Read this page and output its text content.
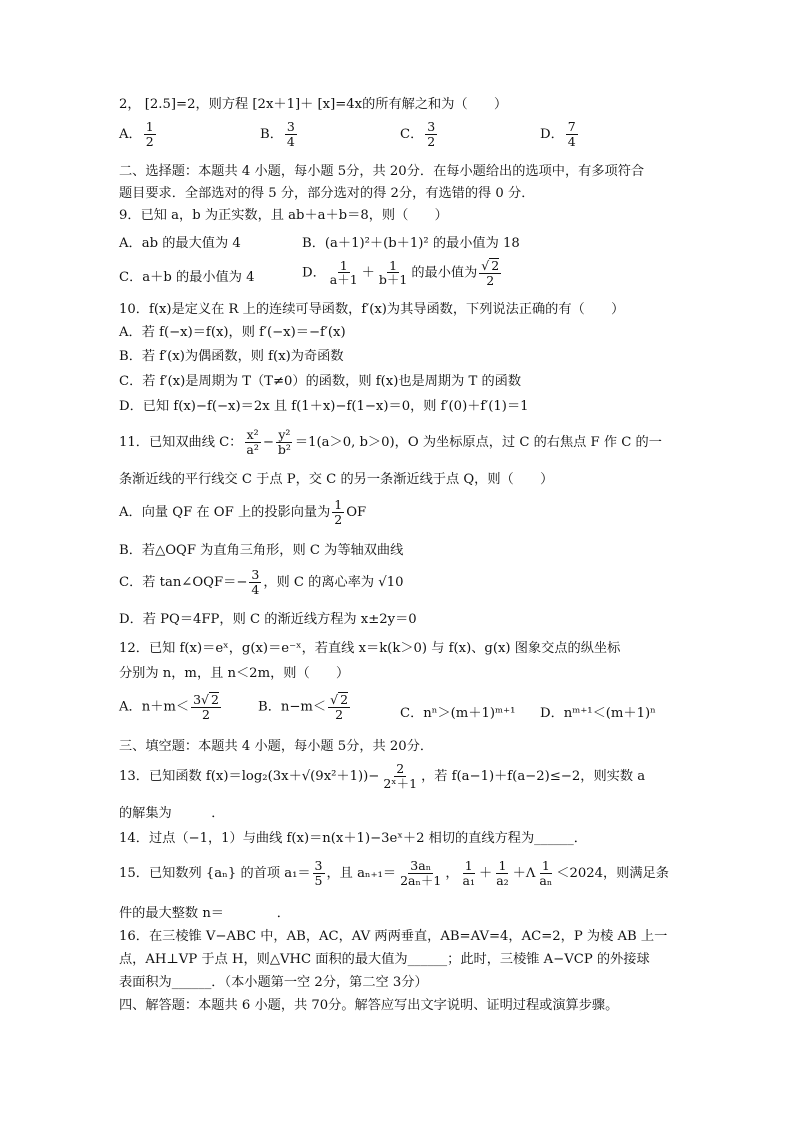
2， [2.5]=2，则方程 [2x＋1]＋ [x]=4x的所有解之和为（　　）
A． $\frac{1}{2}$	B． $\frac{3}{4}$	C． $\frac{3}{2}$	D． $\frac{7}{4}$
二、选择题：本题共 4 小题，每小题 5分，共 20分．在每小题给出的选项中，有多项符合
题目要求．全部选对的得 5 分，部分选对的得 2分，有选错的得 0 分．
9．已知 a，b 为正实数，且 ab＋a＋b＝8，则（　　）
A．ab 的最大值为 4	B．(a＋1)²＋(b＋1)² 的最小值为 18
C．a＋b 的最小值为 4	D． $\frac{1}{a+1} + \frac{1}{b+1}$ 的最小值为 √ $\frac{2}{2}$
10．f(x)是定义在 R 上的连续可导函数，f′(x)为其导函数，下列说法正确的有（　　）
A．若 f(−x)＝f(x)，则 f′(−x)＝−f′(x)
B．若 f′(x)为偶函数，则 f(x)为奇函数
C．若 f′(x)是周期为 T（T≠0）的函数，则 f(x)也是周期为 T 的函数
D．已知 f(x)−f(−x)＝2x 且 f(1＋x)−f(1−x)＝0，则 f′(0)＋f′(1)＝1
11．已知双曲线 C： $\frac{\text{x²}}{\text{a²}} - \frac{\text{y²}}{\text{b²}} =1(a>0$, b＞0)，O 为坐标原点，过 C 的右焦点 F 作 C 的一
条渐近线的平行线交 C 于点 P，交 C 的另一条渐近线于点 Q，则（　　）
A．向量 QF 在 OF 上的投影向量为 $\frac{1}{2}$ OF
B．若△OQF 为直角三角形，则 C 为等轴双曲线
C．若 tan∠OQF＝− $\frac{3}{4}$ ，则 C 的离心率为 √10
D．若 PQ＝4FP，则 C 的渐近线方程为 x±2y＝0
12．已知 f(x)＝eˣ，g(x)＝e⁻ˣ，若直线 x＝k(k＞0) 与 f(x)、g(x) 图象交点的纵坐标
分别为 n，m，且 n＜2m，则（　　）
A．$n+m< \frac{3 √ 2}{2}$	B．n−m＜ √ $\frac{2}{2}$	C．nⁿ＞(m＋1)ᵐ⁺¹ D．nᵐ⁺¹＜(m＋1)ⁿ
三、填空题：本题共 4 小题，每小题 5分，共 20分．
13．已知函数 $f(x)=\log_2(3x+√(9x^2+1))- \frac{2}{\text{2ˣ＋1}}$ ，若 f(a−1)＋f(a−2)≤−2，则实数 a
的解集为　　　．
14．过点（−1，1）与曲线 f(x)＝n(x＋1)−3eˣ＋2 相切的直线方程为______．
15．已知数列 {aₙ} 的首项 $a_1= \frac{3}{5}$ ，且 $a_{n+1}= \frac{\text{3aₙ}}{\text{2aₙ＋1}}$ ， $\frac{1}{\text{a₁}} + \frac{1}{\text{a₂}} +\Lambda \frac{1}{\text{aₙ}} <2024$，则满足条
件的最大整数 n＝　　　　．
16．在三棱锥 V−ABC 中，AB，AC，AV 两两垂直，AB=AV=4，AC=2，P 为棱 AB 上一
点，AH⊥VP 于点 H，则△VHC 面积的最大值为______；此时，三棱锥 A−VCP 的外接球
表面积为______．（本小题第一空 2分，第二空 3分）
四、解答题：本题共 6 小题，共 70分。解答应写出文字说明、证明过程或演算步骤。
